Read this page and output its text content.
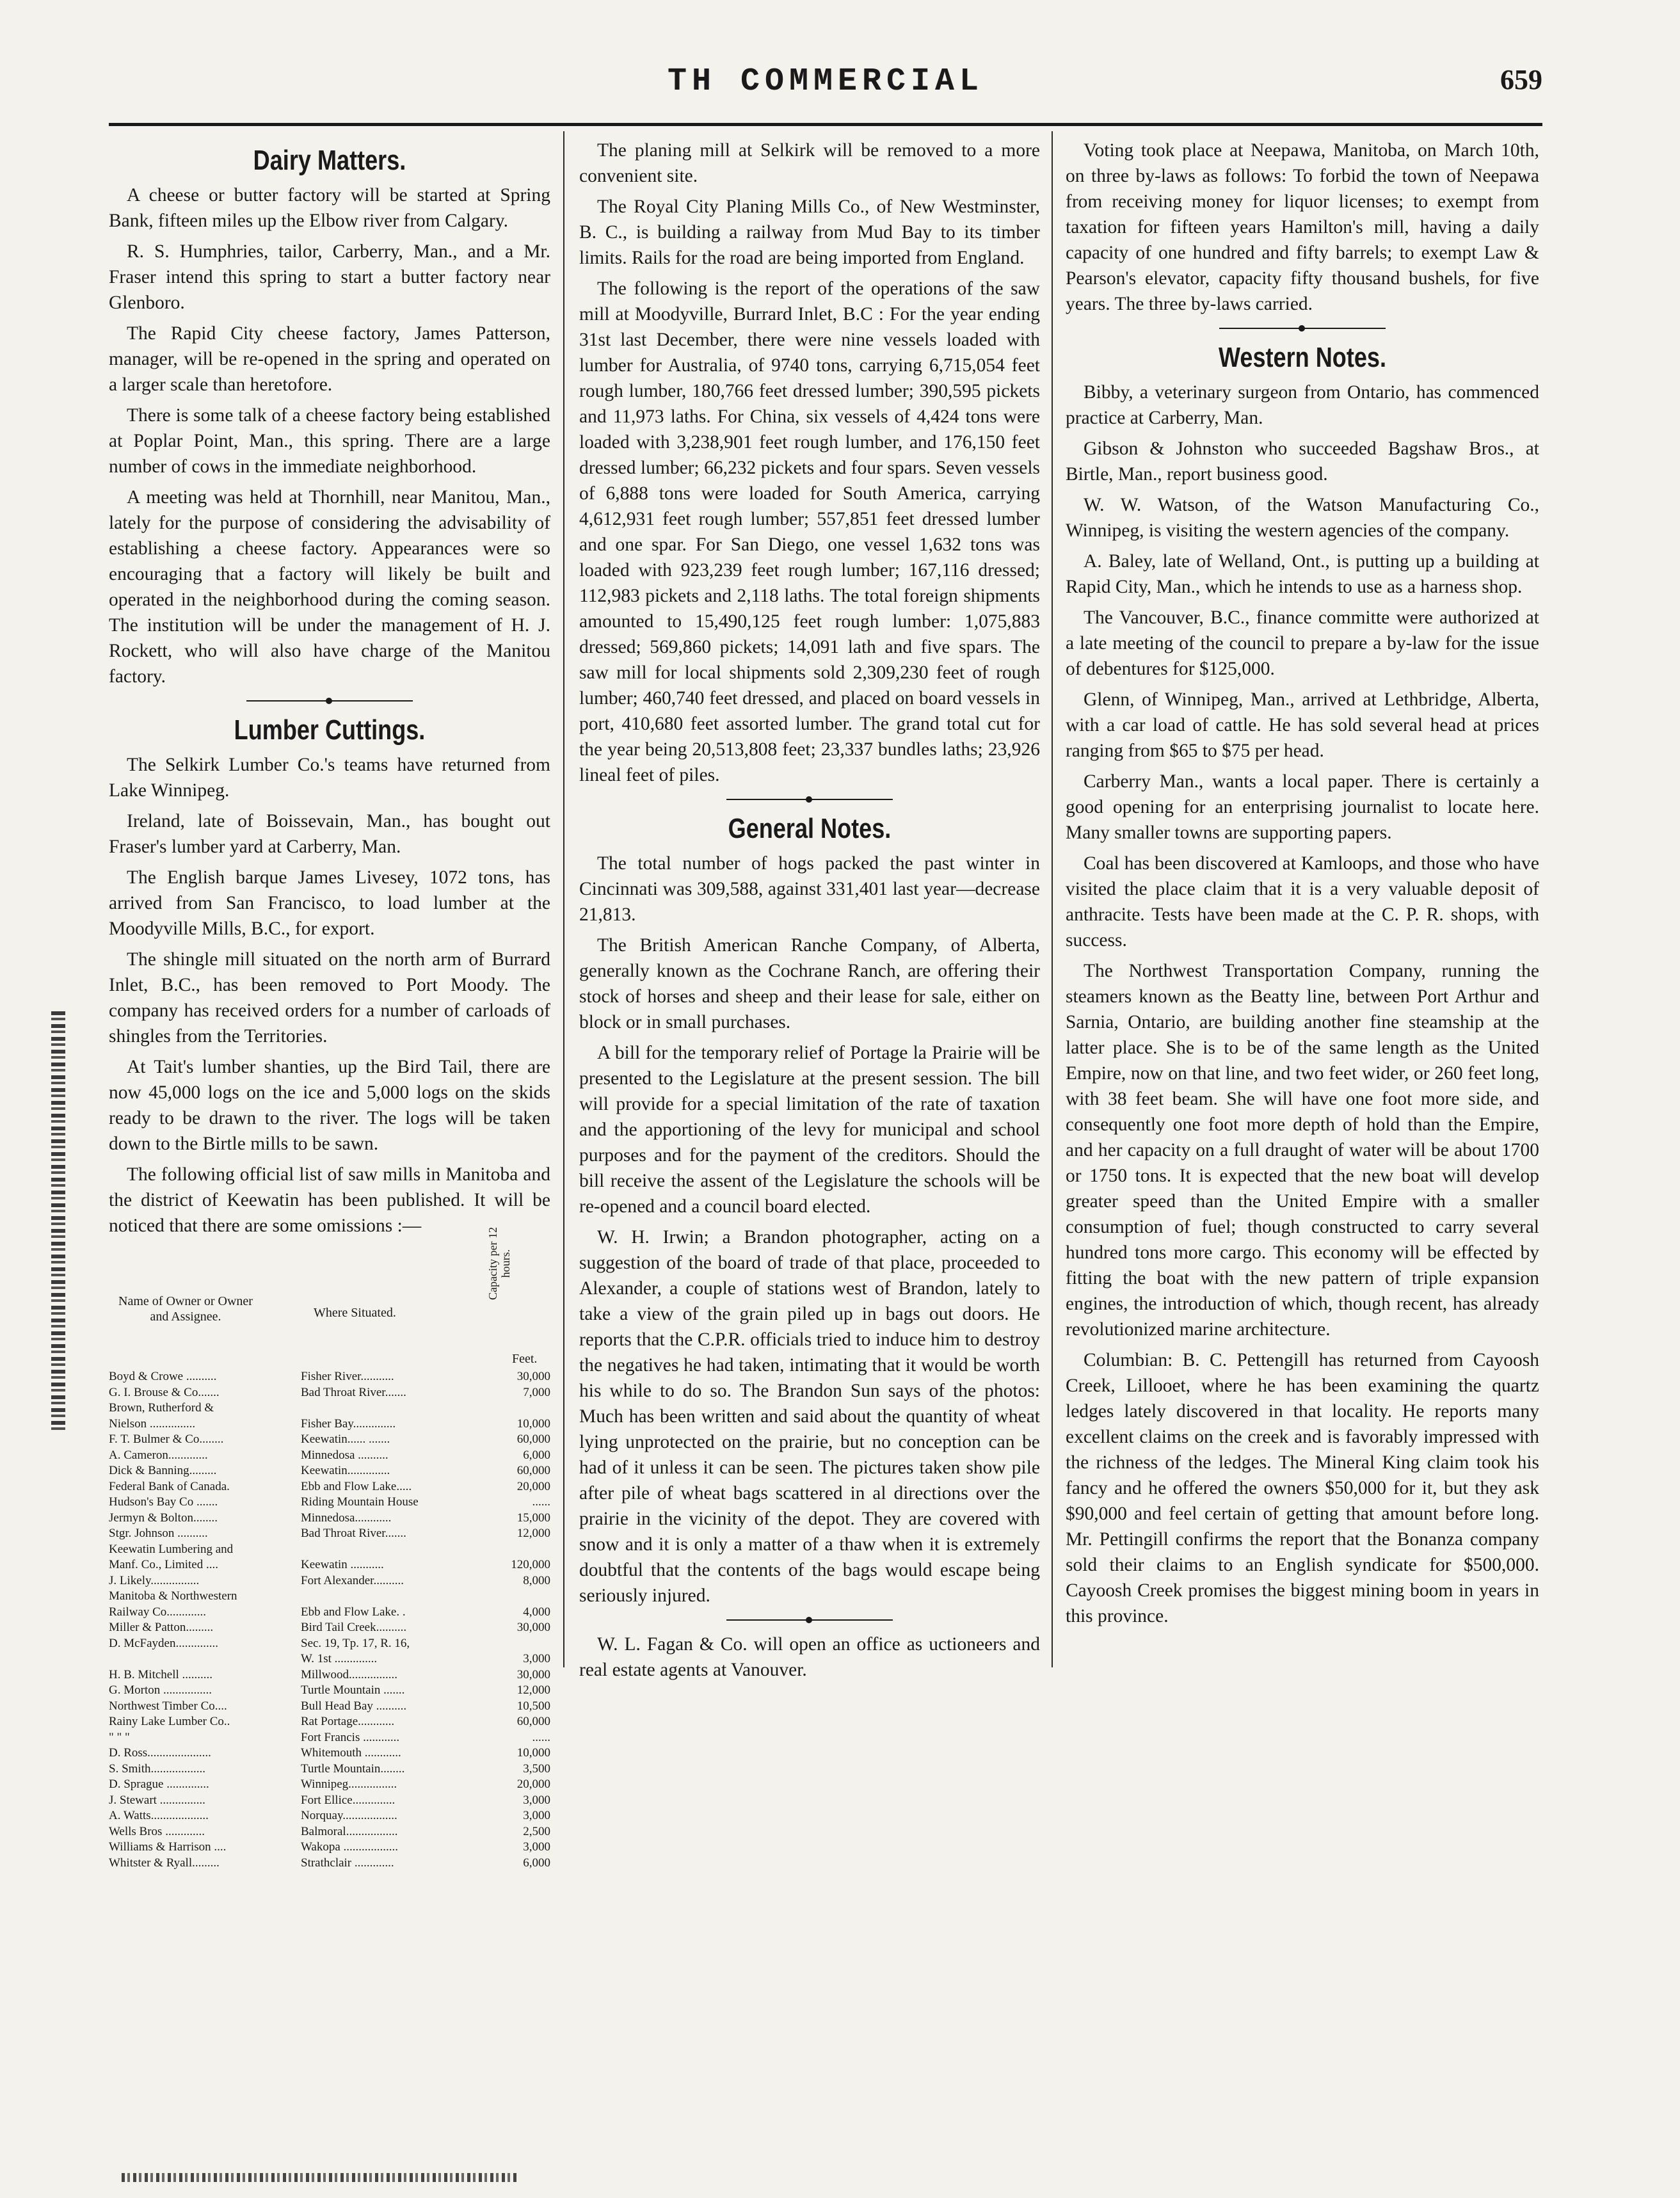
TH COMMERCIAL	659
Dairy Matters.

A cheese or butter factory will be started at Spring Bank, fifteen miles up the Elbow river from Calgary.

R. S. Humphries, tailor, Carberry, Man., and a Mr. Fraser intend this spring to start a butter factory near Glenboro.

The Rapid City cheese factory, James Patterson, manager, will be re-opened in the spring and operated on a larger scale than heretofore.

There is some talk of a cheese factory being established at Poplar Point, Man., this spring. There are a large number of cows in the immediate neighborhood.

A meeting was held at Thornhill, near Manitou, Man., lately for the purpose of considering the advisability of establishing a cheese factory. Appearances were so encouraging that a factory will likely be built and operated in the neighborhood during the coming season. The institution will be under the management of H. J. Rockett, who will also have charge of the Manitou factory.

Lumber Cuttings.

The Selkirk Lumber Co.'s teams have returned from Lake Winnipeg.

Ireland, late of Boissevain, Man., has bought out Fraser's lumber yard at Carberry, Man.

The English barque James Livesey, 1072 tons, has arrived from San Francisco, to load lumber at the Moodyville Mills, B.C., for export.

The shingle mill situated on the north arm of Burrard Inlet, B.C., has been removed to Port Moody. The company has received orders for a number of carloads of shingles from the Territories.

At Tait's lumber shanties, up the Bird Tail, there are now 45,000 logs on the ice and 5,000 logs on the skids ready to be drawn to the river. The logs will be taken down to the Birtle mills to be sawn.

The following official list of saw mills in Manitoba and the district of Keewatin has been published. It will be noticed that there are some omissions :—

Name of Owner or Owner and Assignee.	Where Situated.
Capacity per 12 hours.
Feet.
Boyd & Crowe ..........	Fisher River...........	30,000
G. I. Brouse & Co.......	Bad Throat River.......	7,000
Brown, Rutherford &
Nielson ...............	Fisher Bay..............	10,000
F. T. Bulmer & Co........	Keewatin...... .......	60,000
A. Cameron.............	Minnedosa ..........	6,000
Dick & Banning.........	Keewatin..............	60,000
Federal Bank of Canada.	Ebb and Flow Lake.....	20,000
Hudson's Bay Co .......	Riding Mountain House	......
Jermyn & Bolton........	Minnedosa............	15,000
Stgr. Johnson ..........	Bad Throat River.......	12,000
Keewatin Lumbering and
Manf. Co., Limited ....	Keewatin ...........	120,000
J. Likely................	Fort Alexander..........	8,000
Manitoba & Northwestern
Railway Co.............	Ebb and Flow Lake. .	4,000
Miller & Patton.........	Bird Tail Creek..........	30,000
D. McFayden..............	Sec. 19, Tp. 17, R. 16,
W. 1st ..............	3,000
H. B. Mitchell ..........	Millwood................	30,000
G. Morton ................	Turtle Mountain .......	12,000
Northwest Timber Co....	Bull Head Bay ..........	10,500
Rainy Lake Lumber Co..	Rat Portage............	60,000
" " "	Fort Francis ............	......
D. Ross.....................	Whitemouth ............	10,000
S. Smith..................	Turtle Mountain........	3,500
D. Sprague ..............	Winnipeg................	20,000
J. Stewart ...............	Fort Ellice..............	3,000
A. Watts...................	Norquay..................	3,000
Wells Bros .............	Balmoral.................	2,500
Williams & Harrison ....	Wakopa ..................	3,000
Whitster & Ryall.........	Strathclair .............	6,000

The planing mill at Selkirk will be removed to a more convenient site.

The Royal City Planing Mills Co., of New Westminster, B. C., is building a railway from Mud Bay to its timber limits. Rails for the road are being imported from England.

The following is the report of the operations of the saw mill at Moodyville, Burrard Inlet, B.C : For the year ending 31st last December, there were nine vessels loaded with lumber for Australia, of 9740 tons, carrying 6,715,054 feet rough lumber, 180,766 feet dressed lumber; 390,595 pickets and 11,973 laths. For China, six vessels of 4,424 tons were loaded with 3,238,901 feet rough lumber, and 176,150 feet dressed lumber; 66,232 pickets and four spars. Seven vessels of 6,888 tons were loaded for South America, carrying 4,612,931 feet rough lumber; 557,851 feet dressed lumber and one spar. For San Diego, one vessel 1,632 tons was loaded with 923,239 feet rough lumber; 167,116 dressed; 112,983 pickets and 2,118 laths. The total foreign shipments amounted to 15,490,125 feet rough lumber: 1,075,883 dressed; 569,860 pickets; 14,091 lath and five spars. The saw mill for local shipments sold 2,309,230 feet of rough lumber; 460,740 feet dressed, and placed on board vessels in port, 410,680 feet assorted lumber. The grand total cut for the year being 20,513,808 feet; 23,337 bundles laths; 23,926 lineal feet of piles.

General Notes.

The total number of hogs packed the past winter in Cincinnati was 309,588, against 331,401 last year—decrease 21,813.

The British American Ranche Company, of Alberta, generally known as the Cochrane Ranch, are offering their stock of horses and sheep and their lease for sale, either on block or in small purchases.

A bill for the temporary relief of Portage la Prairie will be presented to the Legislature at the present session. The bill will provide for a special limitation of the rate of taxation and the apportioning of the levy for municipal and school purposes and for the payment of the creditors. Should the bill receive the assent of the Legislature the schools will be re-opened and a council board elected.

W. H. Irwin; a Brandon photographer, acting on a suggestion of the board of trade of that place, proceeded to Alexander, a couple of stations west of Brandon, lately to take a view of the grain piled up in bags out doors. He reports that the C.P.R. officials tried to induce him to destroy the negatives he had taken, intimating that it would be worth his while to do so. The Brandon Sun says of the photos: Much has been written and said about the quantity of wheat lying unprotected on the prairie, but no conception can be had of it unless it can be seen. The pictures taken show pile after pile of wheat bags scattered in al directions over the prairie in the vicinity of the depot. They are covered with snow and it is only a matter of a thaw when it is extremely doubtful that the contents of the bags would escape being seriously injured.

W. L. Fagan & Co. will open an office as uctioneers and real estate agents at Vanouver.

Voting took place at Neepawa, Manitoba, on March 10th, on three by-laws as follows: To forbid the town of Neepawa from receiving money for liquor licenses; to exempt from taxation for fifteen years Hamilton's mill, having a daily capacity of one hundred and fifty barrels; to exempt Law & Pearson's elevator, capacity fifty thousand bushels, for five years. The three by-laws carried.

Western Notes.

Bibby, a veterinary surgeon from Ontario, has commenced practice at Carberry, Man.

Gibson & Johnston who succeeded Bagshaw Bros., at Birtle, Man., report business good.

W. W. Watson, of the Watson Manufacturing Co., Winnipeg, is visiting the western agencies of the company.

A. Baley, late of Welland, Ont., is putting up a building at Rapid City, Man., which he intends to use as a harness shop.

The Vancouver, B.C., finance committe were authorized at a late meeting of the council to prepare a by-law for the issue of debentures for $125,000.

Glenn, of Winnipeg, Man., arrived at Lethbridge, Alberta, with a car load of cattle. He has sold several head at prices ranging from $65 to $75 per head.

Carberry Man., wants a local paper. There is certainly a good opening for an enterprising journalist to locate here. Many smaller towns are supporting papers.

Coal has been discovered at Kamloops, and those who have visited the place claim that it is a very valuable deposit of anthracite. Tests have been made at the C. P. R. shops, with success.

The Northwest Transportation Company, running the steamers known as the Beatty line, between Port Arthur and Sarnia, Ontario, are building another fine steamship at the latter place. She is to be of the same length as the United Empire, now on that line, and two feet wider, or 260 feet long, with 38 feet beam. She will have one foot more side, and consequently one foot more depth of hold than the Empire, and her capacity on a full draught of water will be about 1700 or 1750 tons. It is expected that the new boat will develop greater speed than the United Empire with a smaller consumption of fuel; though constructed to carry several hundred tons more cargo. This economy will be effected by fitting the boat with the new pattern of triple expansion engines, the introduction of which, though recent, has already revolutionized marine architecture.

Columbian: B. C. Pettengill has returned from Cayoosh Creek, Lillooet, where he has been examining the quartz ledges lately discovered in that locality. He reports many excellent claims on the creek and is favorably impressed with the richness of the ledges. The Mineral King claim took his fancy and he offered the owners $50,000 for it, but they ask $90,000 and feel certain of getting that amount before long. Mr. Pettingill confirms the report that the Bonanza company sold their claims to an English syndicate for $500,000. Cayoosh Creek promises the biggest mining boom in years in this province.
